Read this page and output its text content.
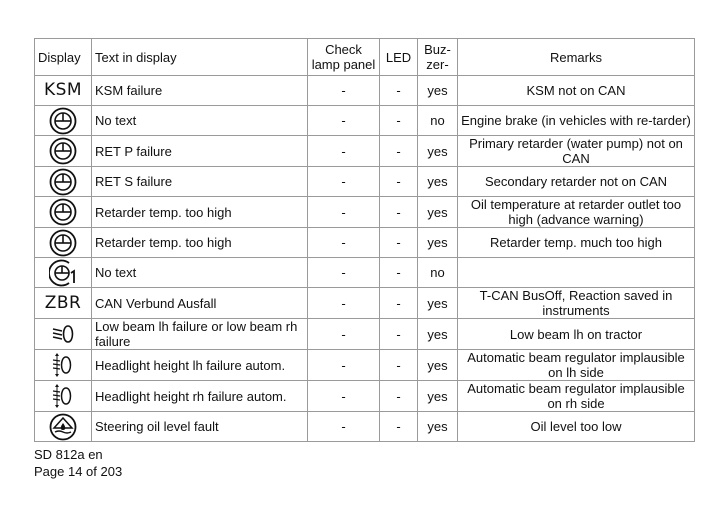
Display	Text in display	Check lamp panel	LED	Buz- zer-	Remarks
KSM	KSM failure	-	-	yes	KSM not on CAN

	No text	-	-	no	Engine brake (in vehicles with re-tarder)

	RET P failure	-	-	yes	Primary retarder (water pump) not on CAN

	RET S failure	-	-	yes	Secondary retarder not on CAN

	Retarder temp. too high	-	-	yes	Oil temperature at retarder outlet too high (advance warning)

	Retarder temp. too high	-	-	yes	Retarder temp. much too high

	No text	-	-	no	
ZBR	CAN Verbund Ausfall	-	-	yes	T-CAN BusOff, Reaction saved in instruments

	Low beam lh failure or low beam rh failure	-	-	yes	Low beam lh on tractor

	Headlight height lh failure autom.	-	-	yes	Automatic beam regulator implausible on lh side

	Headlight height rh failure autom.	-	-	yes	Automatic beam regulator implausible on rh side

	Steering oil level fault	-	-	yes	Oil level too low
SD 812a en
Page 14 of 203
